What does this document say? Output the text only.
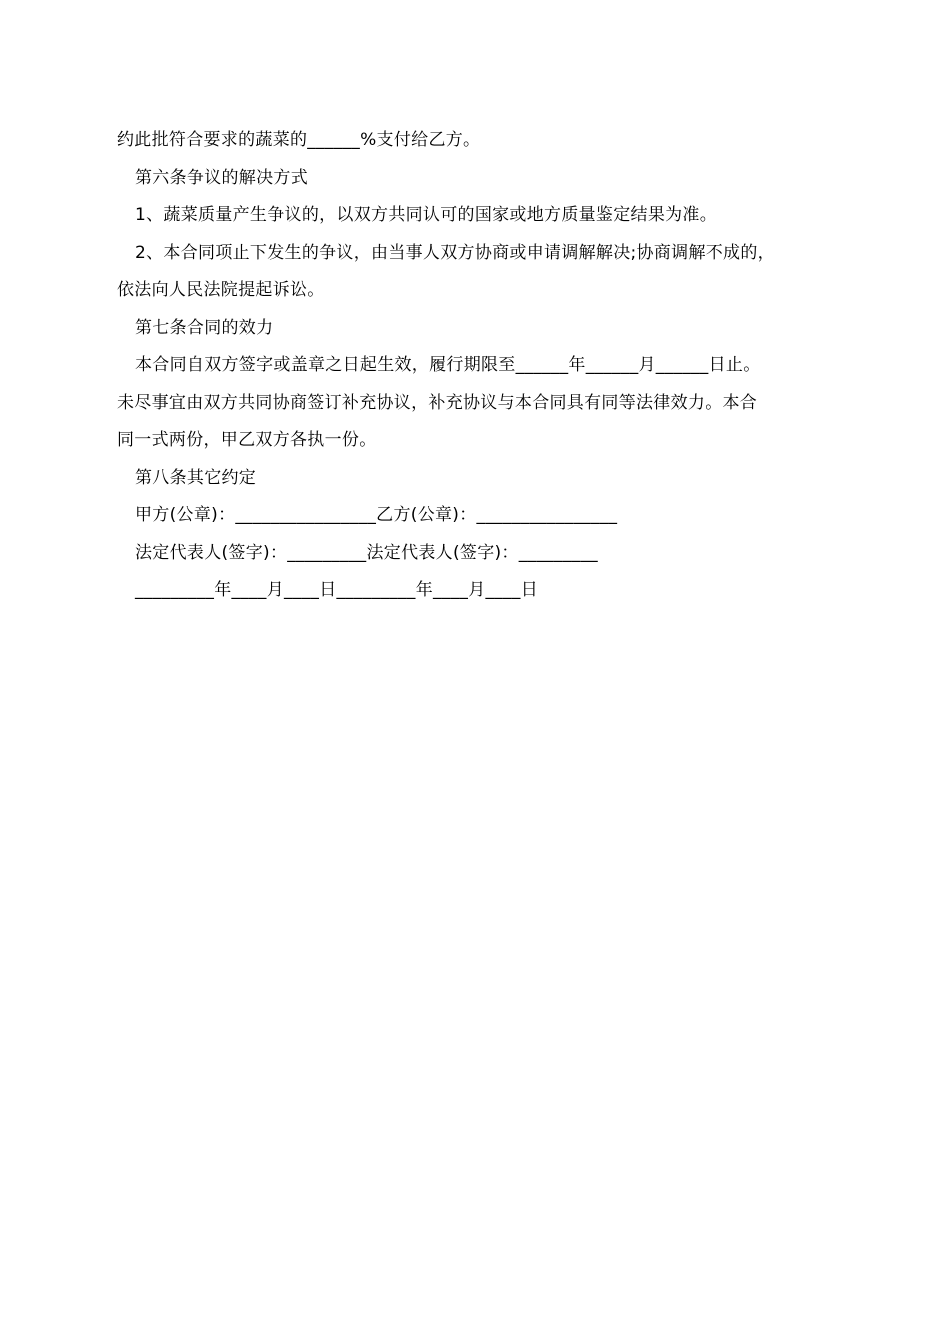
约此批符合要求的蔬菜的______%支付给乙方。
第六条争议的解决方式
1、蔬菜质量产生争议的，以双方共同认可的国家或地方质量鉴定结果为准。
2、本合同项止下发生的争议，由当事人双方协商或申请调解解决;协商调解不成的，
依法向人民法院提起诉讼。
第七条合同的效力
本合同自双方签字或盖章之日起生效，履行期限至______年______月______日止。
未尽事宜由双方共同协商签订补充协议，补充协议与本合同具有同等法律效力。本合
同一式两份，甲乙双方各执一份。
第八条其它约定
甲方(公章)：________________乙方(公章)：________________
法定代表人(签字)：_________法定代表人(签字)：_________
_________年____月____日_________年____月____日
